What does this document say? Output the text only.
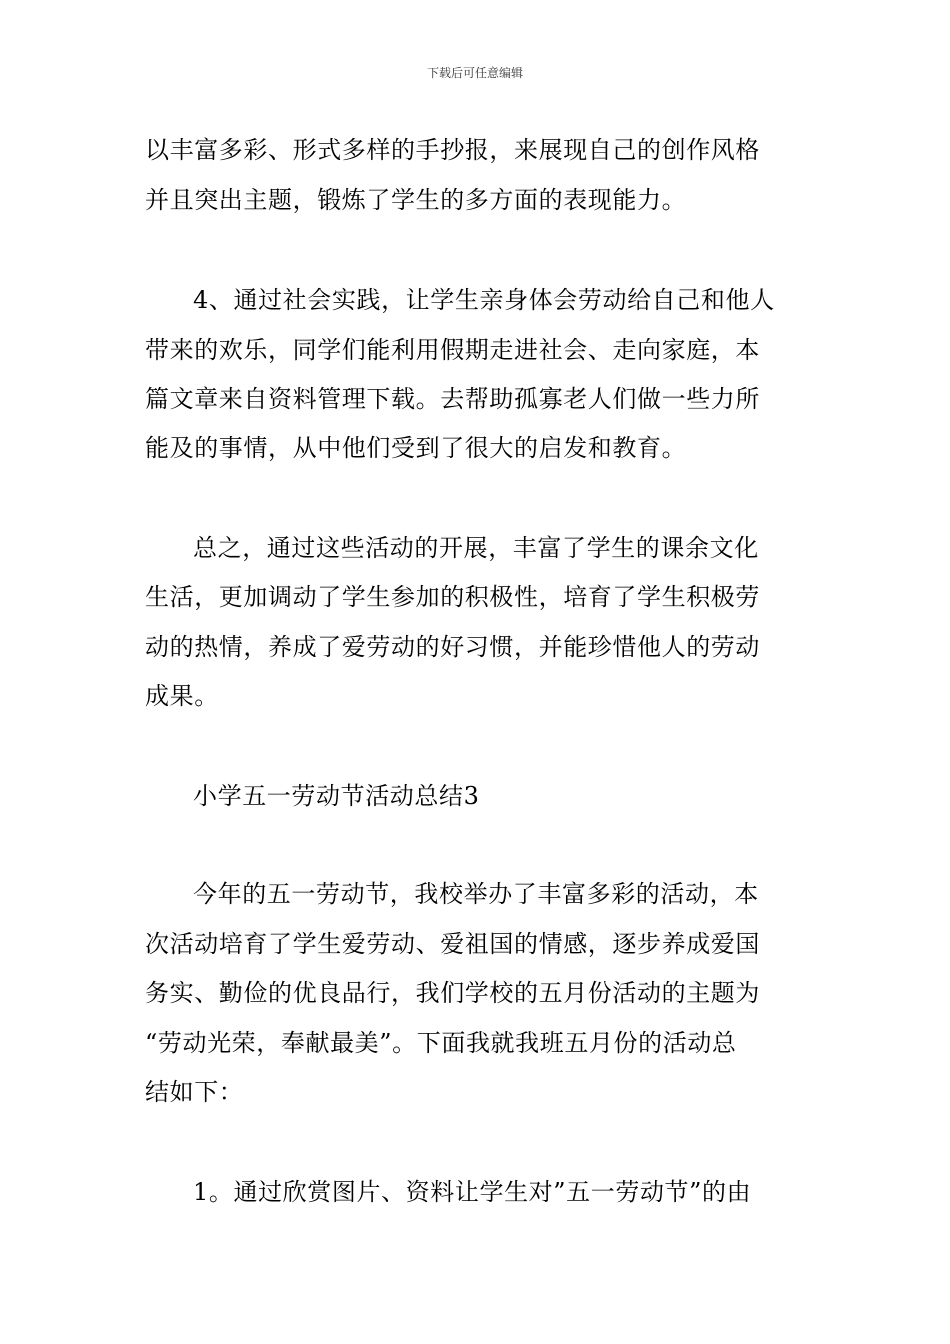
下载后可任意编辑
以丰富多彩、形式多样的手抄报，来展现自己的创作风格
并且突出主题，锻炼了学生的多方面的表现能力。
4、通过社会实践，让学生亲身体会劳动给自己和他人
带来的欢乐，同学们能利用假期走进社会、走向家庭，本
篇文章来自资料管理下载。去帮助孤寡老人们做一些力所
能及的事情，从中他们受到了很大的启发和教育。
总之，通过这些活动的开展，丰富了学生的课余文化
生活，更加调动了学生参加的积极性，培育了学生积极劳
动的热情，养成了爱劳动的好习惯，并能珍惜他人的劳动
成果。
小学五一劳动节活动总结3
今年的五一劳动节，我校举办了丰富多彩的活动，本
次活动培育了学生爱劳动、爱祖国的情感，逐步养成爱国
务实、勤俭的优良品行，我们学校的五月份活动的主题为
“劳动光荣，奉献最美”。下面我就我班五月份的活动总
结如下：
1。通过欣赏图片、资料让学生对”五一劳动节”的由
